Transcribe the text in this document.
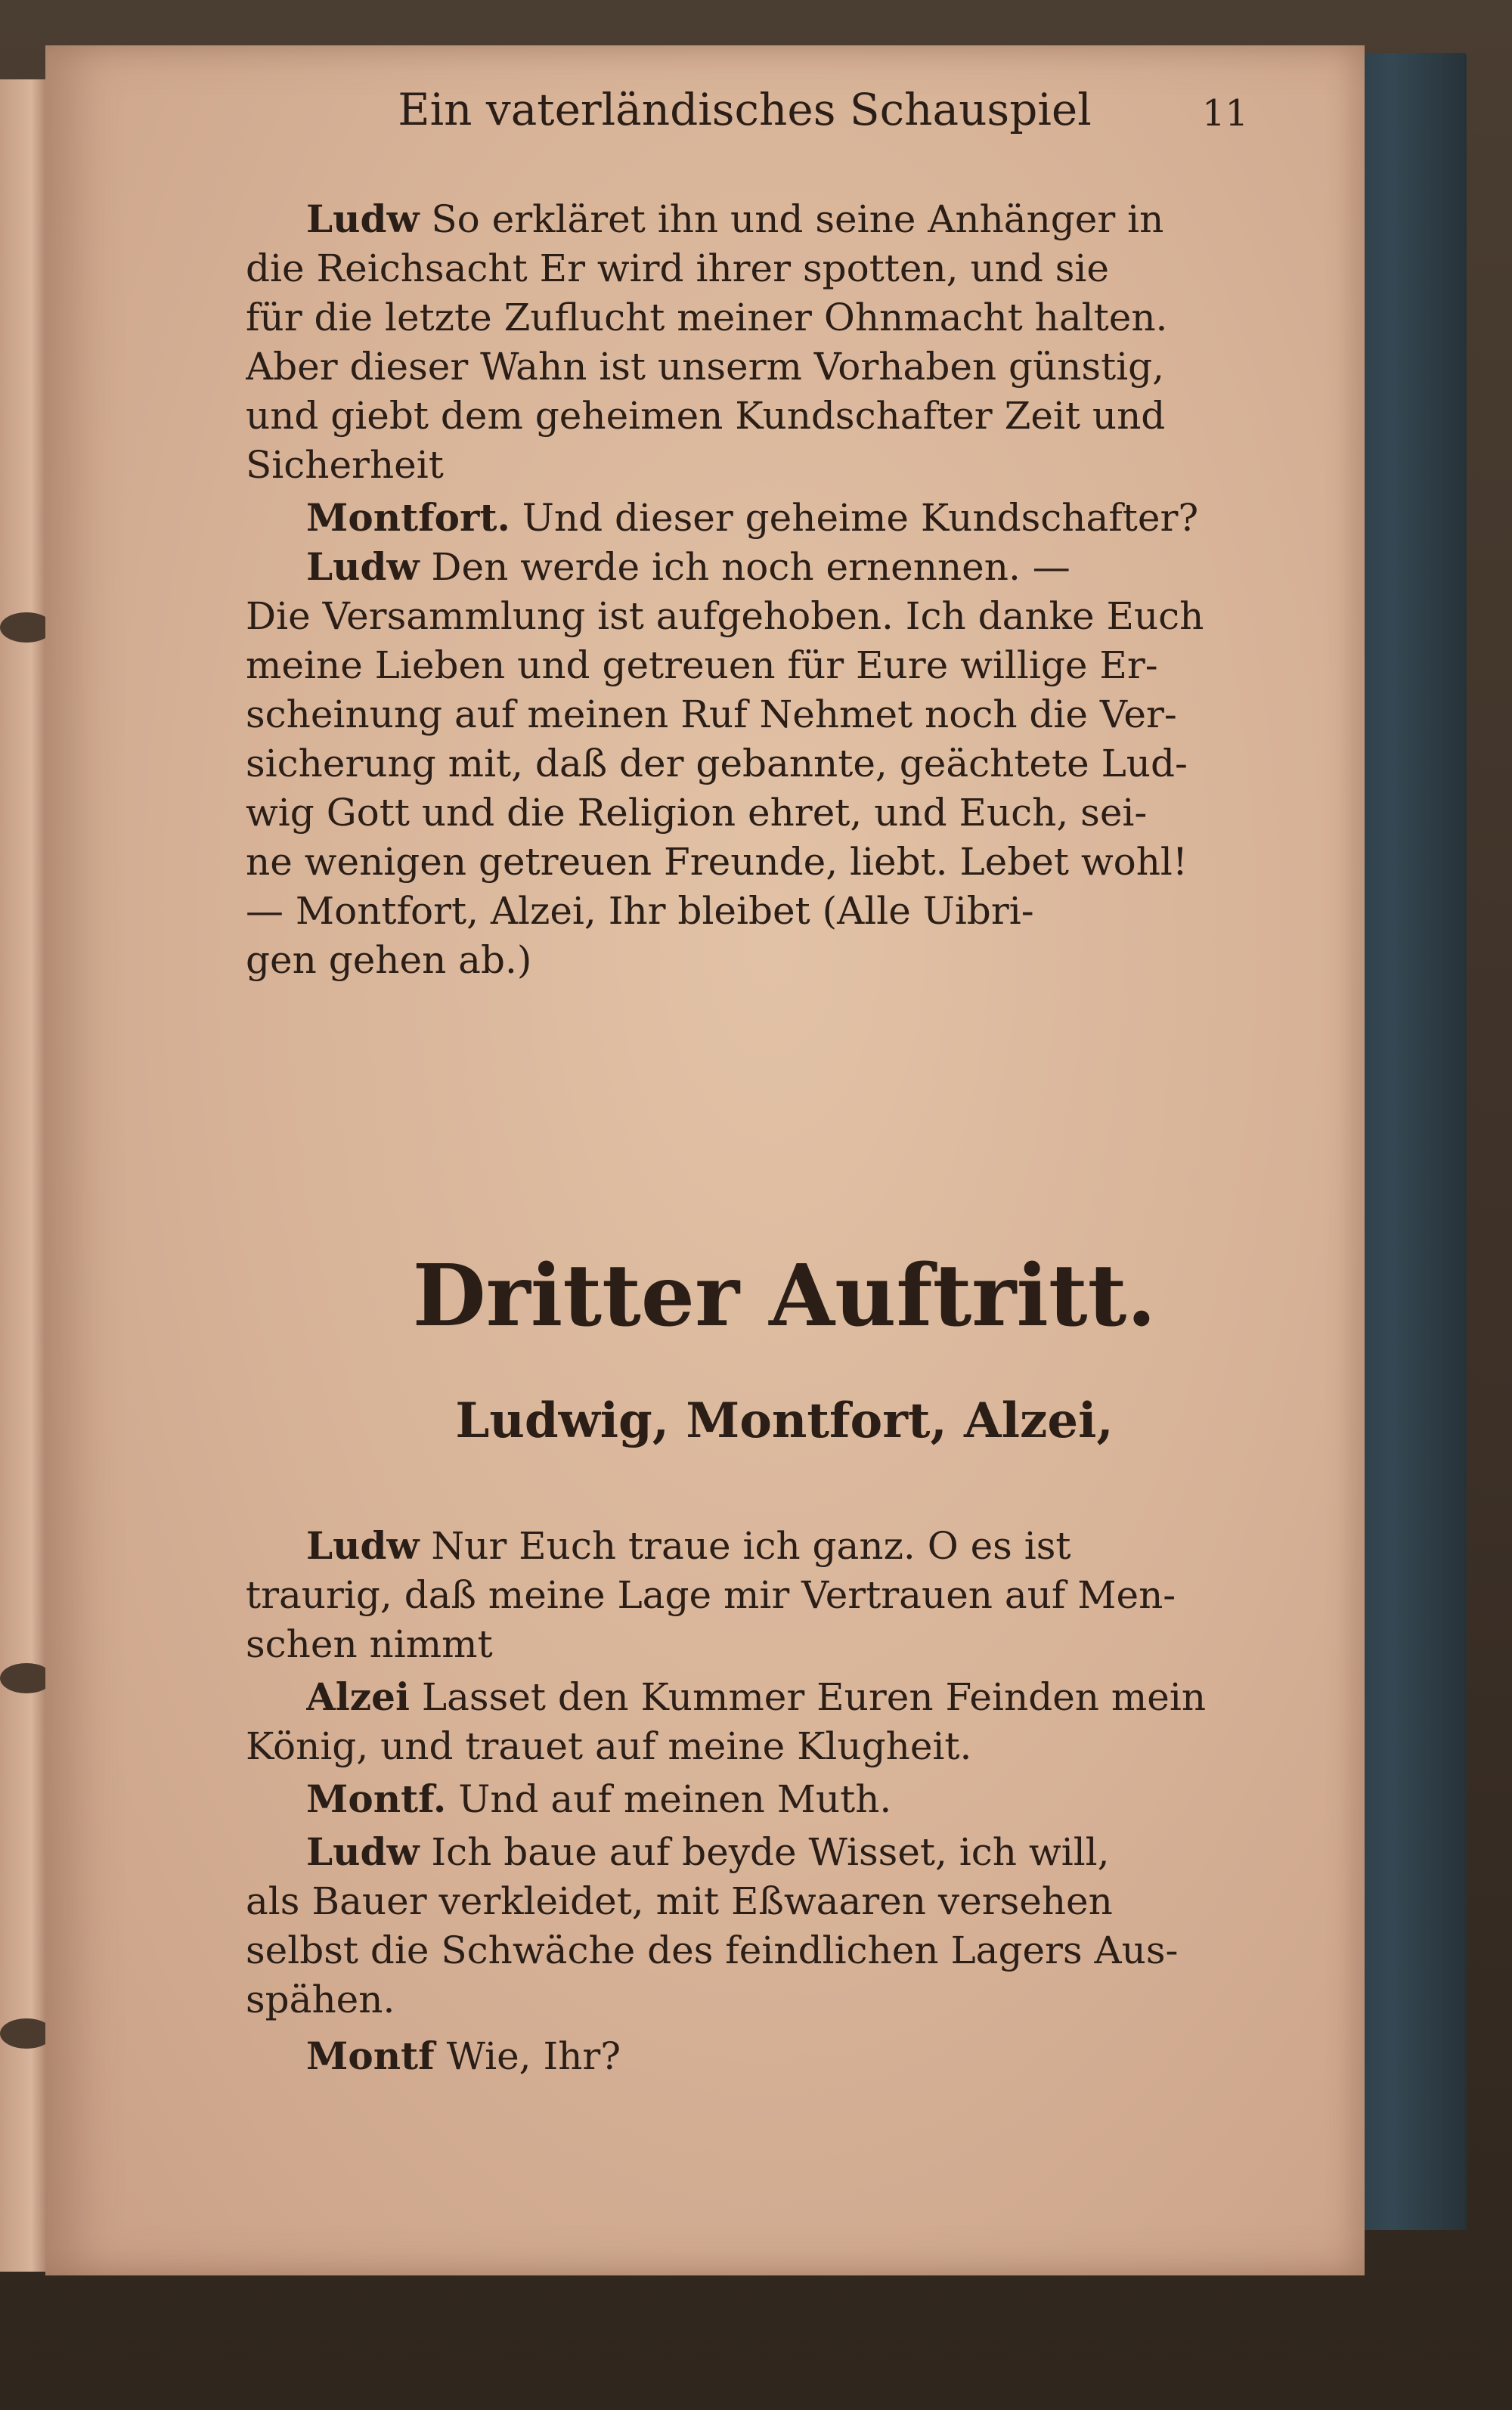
Ein vaterländisches Schauspiel	11
Ludw So erkläret ihn und seine Anhänger in
die Reichsacht Er wird ihrer spotten, und sie
für die letzte Zuflucht meiner Ohnmacht halten.
Aber dieser Wahn ist unserm Vorhaben günstig,
und giebt dem geheimen Kundschafter Zeit und
Sicherheit
Montfort. Und dieser geheime Kundschafter?
Ludw Den werde ich noch ernennen. —
Die Versammlung ist aufgehoben. Ich danke Euch
meine Lieben und getreuen für Eure willige Er-
scheinung auf meinen Ruf Nehmet noch die Ver-
sicherung mit, daß der gebannte, geächtete Lud-
wig Gott und die Religion ehret, und Euch, sei-
ne wenigen getreuen Freunde, liebt. Lebet wohl!
— Montfort, Alzei, Ihr bleibet (Alle Uibri-
gen gehen ab.)
Dritter Auftritt.
Ludwig, Montfort, Alzei,
Ludw Nur Euch traue ich ganz. O es ist
traurig, daß meine Lage mir Vertrauen auf Men-
schen nimmt
Alzei Lasset den Kummer Euren Feinden mein
König, und trauet auf meine Klugheit.
Montf. Und auf meinen Muth.
Ludw Ich baue auf beyde Wisset, ich will,
als Bauer verkleidet, mit Eßwaaren versehen
selbst die Schwäche des feindlichen Lagers Aus-
spähen.
Montf Wie, Ihr?
